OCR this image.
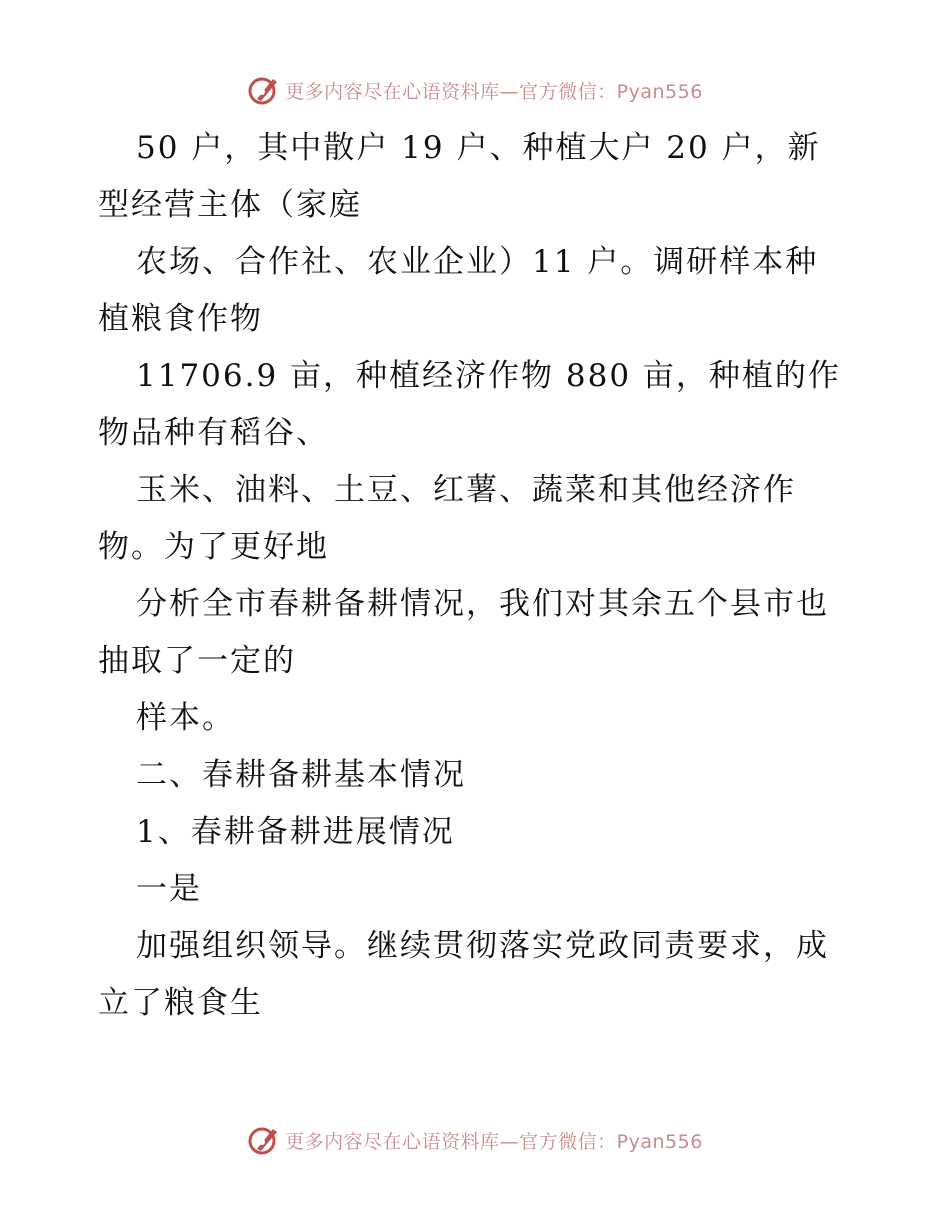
更多内容尽在心语资料库—官方微信：Pyan556
50 户，其中散户 19 户、种植大户 20 户，新
型经营主体（家庭
农场、合作社、农业企业）11 户。调研样本种
植粮食作物
11706.9 亩，种植经济作物 880 亩，种植的作
物品种有稻谷、
玉米、油料、土豆、红薯、蔬菜和其他经济作
物。为了更好地
分析全市春耕备耕情况，我们对其余五个县市也
抽取了一定的
样本。
二、春耕备耕基本情况
1、春耕备耕进展情况
一是
加强组织领导。继续贯彻落实党政同责要求，成
立了粮食生
更多内容尽在心语资料库—官方微信：Pyan556
